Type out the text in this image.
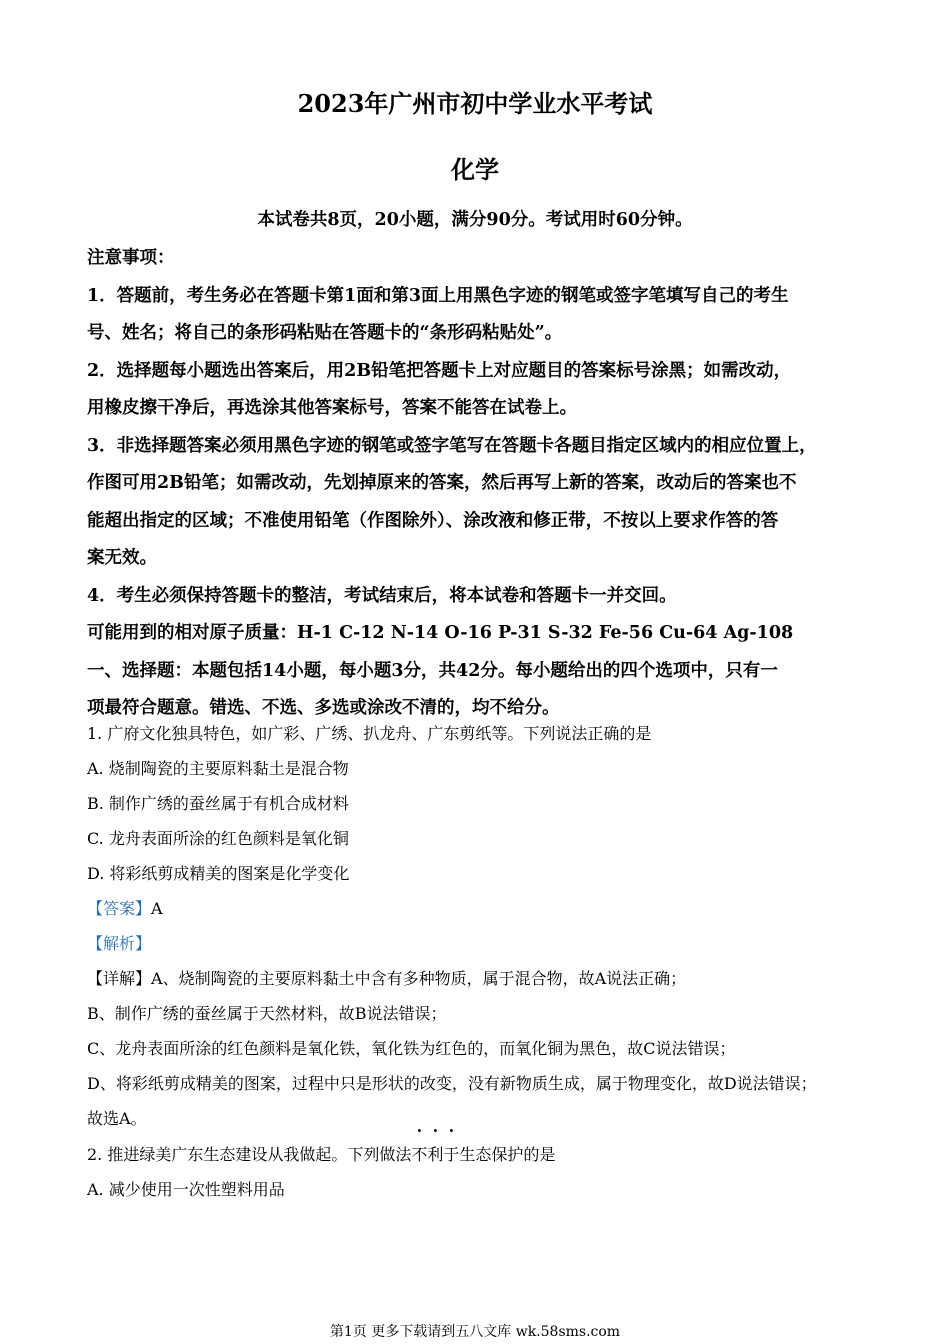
2023年广州市初中学业水平考试
化学
本试卷共8页，20小题，满分90分。考试用时60分钟。

注意事项：

1．答题前，考生务必在答题卡第1面和第3面上用黑色字迹的钢笔或签字笔填写自己的考生

号、姓名；将自己的条形码粘贴在答题卡的“条形码粘贴处”。

2．选择题每小题选出答案后，用2B铅笔把答题卡上对应题目的答案标号涂黑；如需改动，

用橡皮擦干净后，再选涂其他答案标号，答案不能答在试卷上。

3．非选择题答案必须用黑色字迹的钢笔或签字笔写在答题卡各题目指定区域内的相应位置上，

作图可用2B铅笔；如需改动，先划掉原来的答案，然后再写上新的答案，改动后的答案也不

能超出指定的区域；不准使用铅笔（作图除外）、涂改液和修正带，不按以上要求作答的答

案无效。

4．考生必须保持答题卡的整洁，考试结束后，将本试卷和答题卡一并交回。

可能用到的相对原子质量：H-1 C-12 N-14 O-16 P-31 S-32 Fe-56 Cu-64 Ag-108

一、选择题：本题包括14小题，每小题3分，共42分。每小题给出的四个选项中，只有一

项最符合题意。错选、不选、多选或涂改不清的，均不给分。

1. 广府文化独具特色，如广彩、广绣、扒龙舟、广东剪纸等。下列说法正确的是

A. 烧制陶瓷的主要原料黏土是混合物

B. 制作广绣的蚕丝属于有机合成材料

C. 龙舟表面所涂的红色颜料是氧化铜

D. 将彩纸剪成精美的图案是化学变化

【答案】A

【解析】

【详解】A、烧制陶瓷的主要原料黏土中含有多种物质，属于混合物，故A说法正确；

B、制作广绣的蚕丝属于天然材料，故B说法错误；

C、龙舟表面所涂的红色颜料是氧化铁，氧化铁为红色的，而氧化铜为黑色，故C说法错误；

D、将彩纸剪成精美的图案，过程中只是形状的改变，没有新物质生成，属于物理变化，故D说法错误；

故选A。

2. 推进绿美广东生态建设从我做起。下列做法不利于生态保护的是

A. 减少使用一次性塑料用品

第1页 更多下载请到五八文库 wk.58sms.com
